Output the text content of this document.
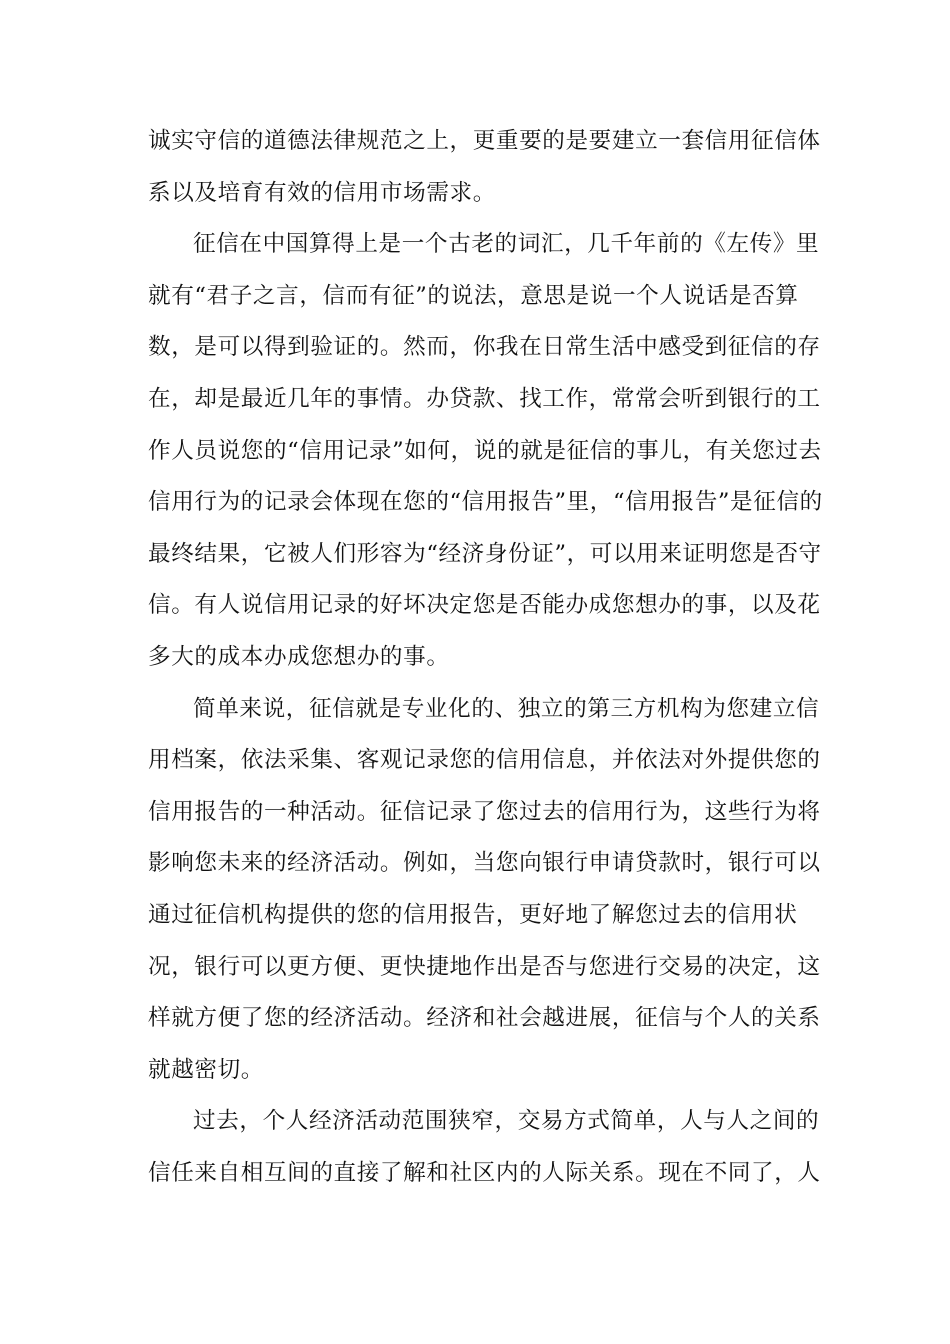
诚实守信的道德法律规范之上，更重要的是要建立一套信用征信体
系以及培育有效的信用市场需求。
征信在中国算得上是一个古老的词汇，几千年前的《左传》里
就有“君子之言，信而有征”的说法，意思是说一个人说话是否算
数，是可以得到验证的。然而，你我在日常生活中感受到征信的存
在，却是最近几年的事情。办贷款、找工作，常常会听到银行的工
作人员说您的“信用记录”如何，说的就是征信的事儿，有关您过去
信用行为的记录会体现在您的“信用报告”里，“信用报告”是征信的
最终结果，它被人们形容为“经济身份证”，可以用来证明您是否守
信。有人说信用记录的好坏决定您是否能办成您想办的事，以及花
多大的成本办成您想办的事。
简单来说，征信就是专业化的、独立的第三方机构为您建立信
用档案，依法采集、客观记录您的信用信息，并依法对外提供您的
信用报告的一种活动。征信记录了您过去的信用行为，这些行为将
影响您未来的经济活动。例如，当您向银行申请贷款时，银行可以
通过征信机构提供的您的信用报告，更好地了解您过去的信用状
况，银行可以更方便、更快捷地作出是否与您进行交易的决定，这
样就方便了您的经济活动。经济和社会越进展，征信与个人的关系
就越密切。
过去，个人经济活动范围狭窄，交易方式简单，人与人之间的
信任来自相互间的直接了解和社区内的人际关系。现在不同了，人
